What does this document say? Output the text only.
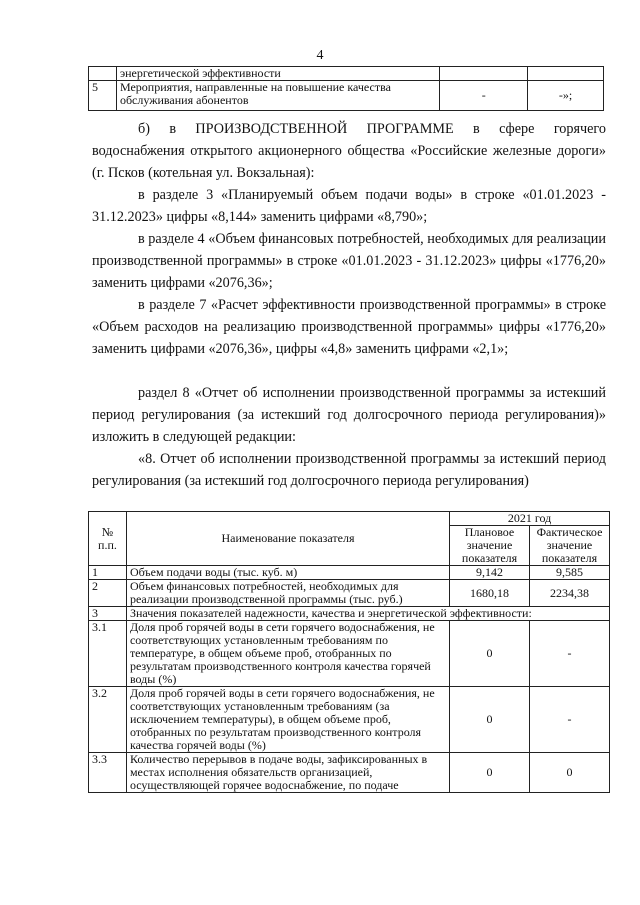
4
	энергетической эффективности		
5	Мероприятия, направленные на повышение качества обслуживания абонентов	-	-»;

б) в ПРОИЗВОДСТВЕННОЙ ПРОГРАММЕ в сфере горячего водоснабжения открытого акционерного общества «Российские железные дороги» (г. Псков (котельная ул. Вокзальная):

в разделе 3 «Планируемый объем подачи воды» в строке «01.01.2023 - 31.12.2023» цифры «8,144» заменить цифрами «8,790»;

в разделе 4 «Объем финансовых потребностей, необходимых для реализации производственной программы» в строке «01.01.2023 - 31.12.2023» цифры «1776,20» заменить цифрами «2076,36»;

в разделе 7 «Расчет эффективности производственной программы» в строке «Объем расходов на реализацию производственной программы» цифры «1776,20» заменить цифрами «2076,36», цифры «4,8» заменить цифрами «2,1»;

раздел 8 «Отчет об исполнении производственной программы за истекший период регулирования (за истекший год долгосрочного периода регулирования)» изложить в следующей редакции:

«8. Отчет об исполнении производственной программы за истекший период регулирования (за истекший год долгосрочного периода регулирования)

№ п.п.	Наименование показателя	2021 год	
		Плановое значение показателя	Фактическое значение показателя
1	Объем подачи воды (тыс. куб. м)	9,142	9,585
2	Объем финансовых потребностей, необходимых для реализации производственной программы (тыс. руб.)	1680,18	2234,38
3	Значения показателей надежности, качества и энергетической эффективности:		
3.1	Доля проб горячей воды в сети горячего водоснабжения, не соответствующих установленным требованиям по температуре, в общем объеме проб, отобранных по результатам производственного контроля качества горячей воды (%)	0	-
3.2	Доля проб горячей воды в сети горячего водоснабжения, не соответствующих установленным требованиям (за исключением температуры), в общем объеме проб, отобранных по результатам производственного контроля качества горячей воды (%)	0	-
3.3	Количество перерывов в подаче воды, зафиксированных в местах исполнения обязательств организацией, осуществляющей горячее водоснабжение, по подаче	0	0
